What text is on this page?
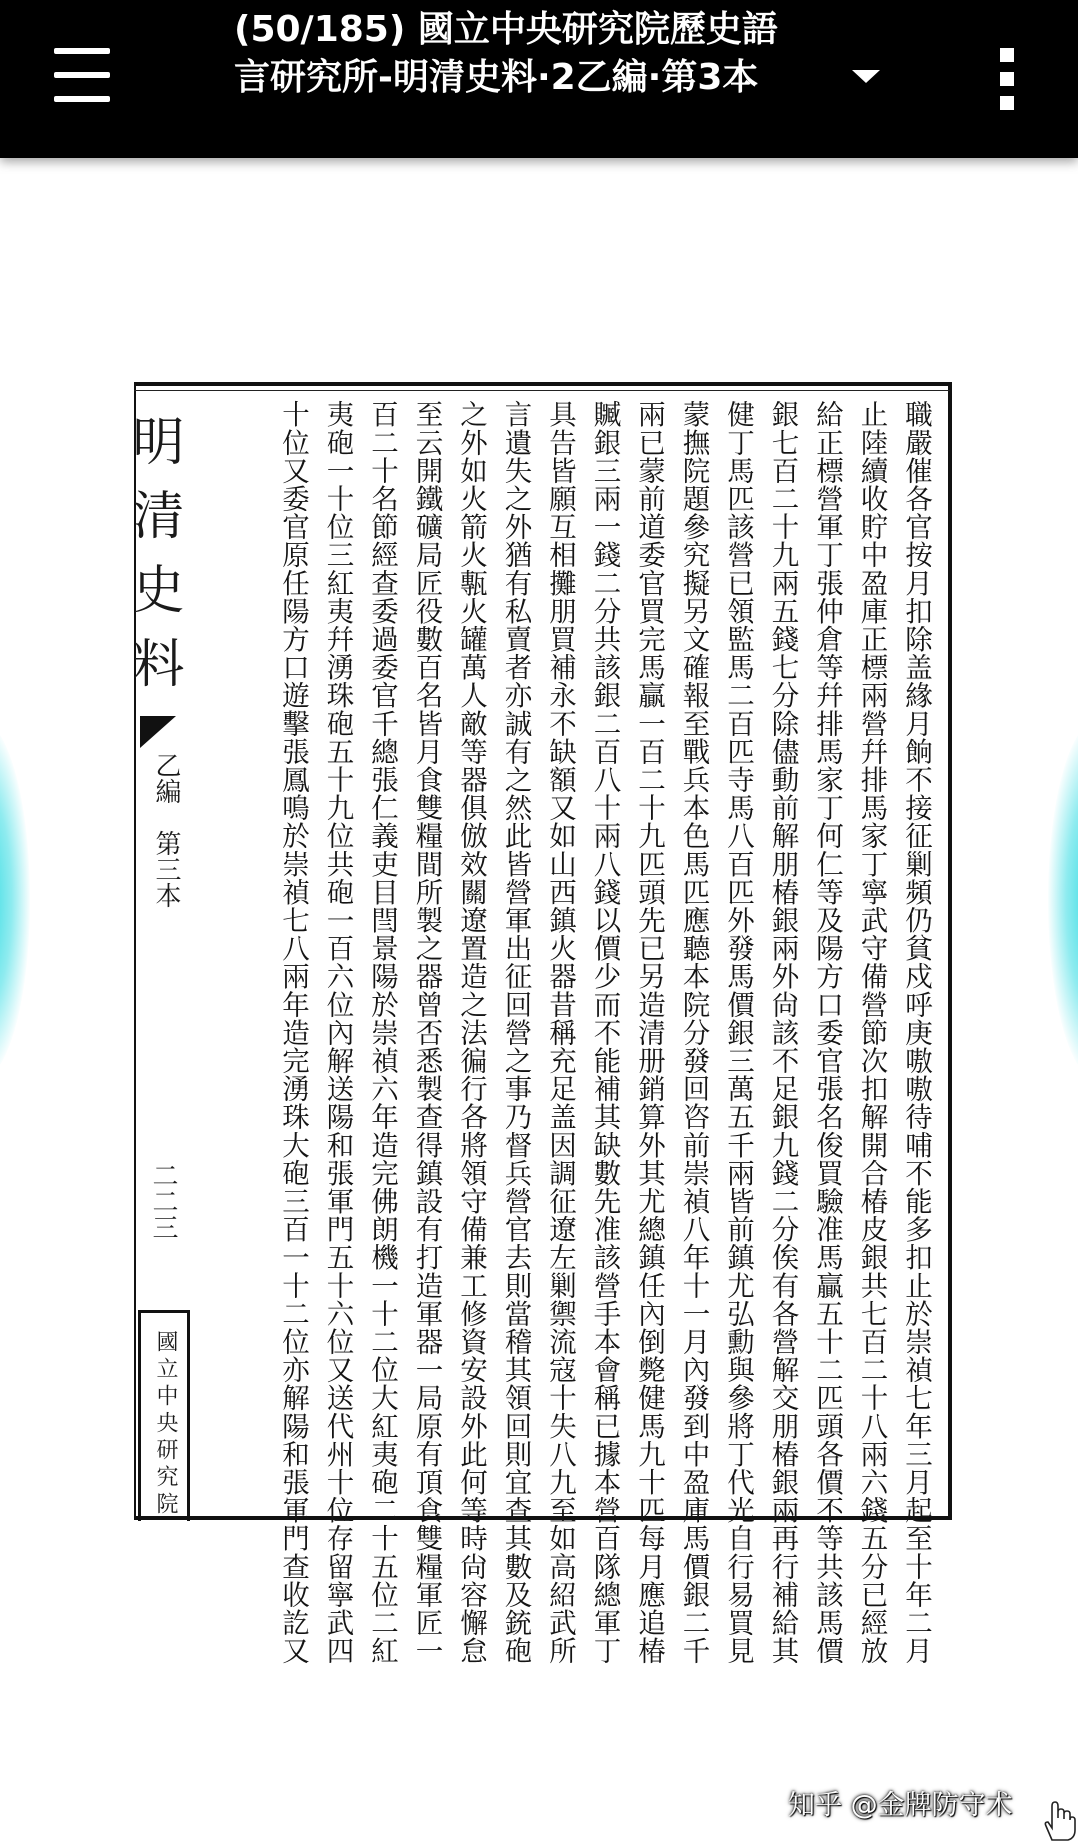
(50/185) 國立中央研究院歷史語言研究所-明清史料·2乙編·第3本
明清史料
乙編　第三本
二二三
國立中央研究院	職嚴催各官按月扣除盖緣月餉不接征剿頻仍貧戍呼庚嗷嗷待哺不能多扣止於崇禎七年三月起至十年二月
止陸續收貯中盈庫正標兩營幷排馬家丁寧武守備營節次扣解開合椿皮銀共七百二十八兩六錢五分已經放
給正標營軍丁張仲倉等幷排馬家丁何仁等及陽方口委官張名俊買驗准馬贏五十二匹頭各價不等共該馬價
銀七百二十九兩五錢七分除儘動前解朋椿銀兩外尙該不足銀九錢二分俟有各營解交朋椿銀兩再行補給其
健丁馬匹該營已領監馬二百匹寺馬八百匹外發馬價銀三萬五千兩皆前鎮尤弘勳與參將丁代光自行易買見
蒙撫院題參究擬另文確報至戰兵本色馬匹應聽本院分發回咨前崇禎八年十一月內發到中盈庫馬價銀二千
兩已蒙前道委官買完馬贏一百二十九匹頭先已另造清册銷算外其尤總鎮任內倒斃健馬九十匹每月應追椿
贓銀三兩一錢二分共該銀二百八十兩八錢以價少而不能補其缺數先准該營手本會稱已據本營百隊總軍丁
具告皆願互相攤朋買補永不缺額又如山西鎮火器昔稱充足盖因調征遼左剿禦流寇十失八九至如高紹武所
言遺失之外猶有私賣者亦誠有之然此皆營軍出征回營之事乃督兵營官去則當稽其領回則宜查其數及銃砲
之外如火箭火甎火罐萬人敵等器俱倣效關遼置造之法徧行各將領守備兼工修資安設外此何等時尙容懈怠
至云開鐵礦局匠役數百名皆月食雙糧間所製之器曾否悉製查得鎮設有打造軍器一局原有頂食雙糧軍匠一
百二十名節經查委過委官千總張仁義吏目閆景陽於崇禎六年造完佛朗機一十二位大紅夷砲二十五位二紅
夷砲一十位三紅夷幷湧珠砲五十九位共砲一百六位內解送陽和張軍門五十六位又送代州十位存留寧武四
十位又委官原任陽方口遊擊張鳳鳴於崇禎七八兩年造完湧珠大砲三百一十二位亦解陽和張軍門查收訖又
知乎 @金牌防守术
